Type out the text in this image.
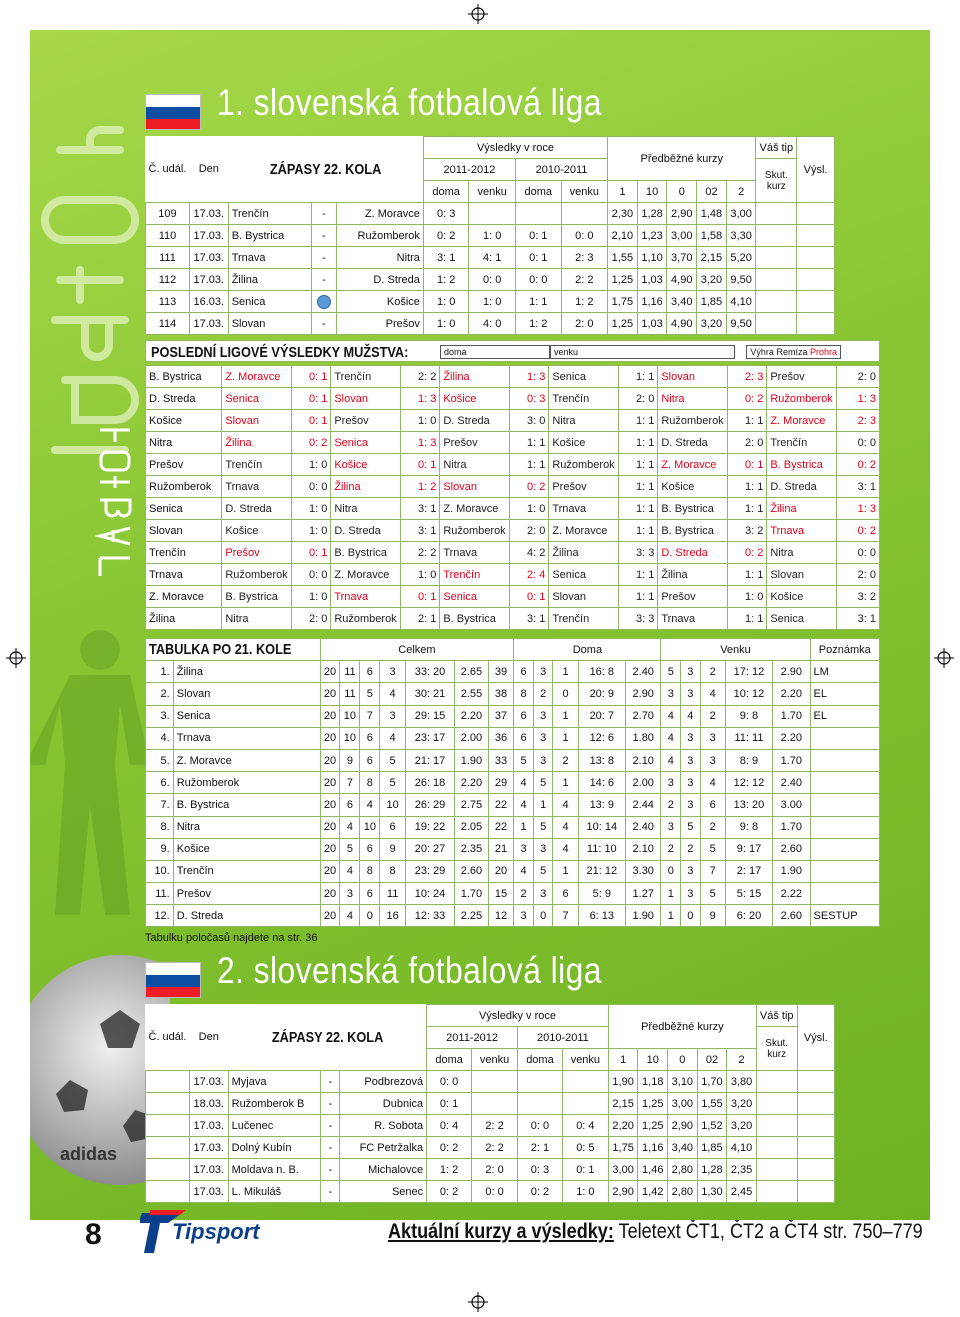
adidas
1. slovenská fotbalová liga
Č. udál.	Den	ZÁPASY 22. KOLA			Výsledky v roce				Předběžné kurzy					Váš tip	Výsl.
					2011-2012		2010-2011							Skut. kurz	
					doma	venku	doma	venku	1	10	0	02	2		
109	17.03.	Trenčín	-	Z. Moravce	0: 3				2,30	1,28	2,90	1,48	3,00		
110	17.03.	B. Bystrica	-	Ružomberok	0: 2	1: 0	0: 1	0: 0	2,10	1,23	3,00	1,58	3,30		
111	17.03.	Trnava	-	Nitra	3: 1	4: 1	0: 1	2: 3	1,55	1,10	3,70	2,15	5,20		
112	17.03.	Žilina	-	D. Streda	1: 2	0: 0	0: 0	2: 2	1,25	1,03	4,90	3,20	9,50		
113	16.03.	Senica		Košice	1: 0	1: 0	1: 1	1: 2	1,75	1,16	3,40	1,85	4,10		
114	17.03.	Slovan	-	Prešov	1: 0	4: 0	1: 2	2: 0	1,25	1,03	4,90	3,20	9,50		
POSLEDNÍ LIGOVÉ VÝSLEDKY MUŽSTVA:	doma	venku	Výhra Remíza Prohra
B. Bystrica	Z. Moravce	0: 1	Trenčín	2: 2	Žilina	1: 3	Senica	1: 1	Slovan	2: 3	Prešov	2: 0
D. Streda	Senica	0: 1	Slovan	1: 3	Košice	0: 3	Trenčín	2: 0	Nitra	0: 2	Ružomberok	1: 3
Košice	Slovan	0: 1	Prešov	1: 0	D. Streda	3: 0	Nitra	1: 1	Ružomberok	1: 1	Z. Moravce	2: 3
Nitra	Žilina	0: 2	Senica	1: 3	Prešov	1: 1	Košice	1: 1	D. Streda	2: 0	Trenčín	0: 0
Prešov	Trenčín	1: 0	Košice	0: 1	Nitra	1: 1	Ružomberok	1: 1	Z. Moravce	0: 1	B. Bystrica	0: 2
Ružomberok	Trnava	0: 0	Žilina	1: 2	Slovan	0: 2	Prešov	1: 1	Košice	1: 1	D. Streda	3: 1
Senica	D. Streda	1: 0	Nitra	3: 1	Z. Moravce	1: 0	Trnava	1: 1	B. Bystrica	1: 1	Žilina	1: 3
Slovan	Košice	1: 0	D. Streda	3: 1	Ružomberok	2: 0	Z. Moravce	1: 1	B. Bystrica	3: 2	Trnava	0: 2
Trenčín	Prešov	0: 1	B. Bystrica	2: 2	Trnava	4: 2	Žilina	3: 3	D. Streda	0: 2	Nitra	0: 0
Trnava	Ružomberok	0: 0	Z. Moravce	1: 0	Trenčín	2: 4	Senica	1: 1	Žilina	1: 1	Slovan	2: 0
Z. Moravce	B. Bystrica	1: 0	Trnava	0: 1	Senica	0: 1	Slovan	1: 1	Prešov	1: 0	Košice	3: 2
Žilina	Nitra	2: 0	Ružomberok	2: 1	B. Bystrica	3: 1	Trenčín	3: 3	Trnava	1: 1	Senica	3: 1
TABULKA PO 21. KOLE		Celkem							Doma					Venku					Poznámka
1.	Žilina	20	11	6	3	33: 20	2.65	39	6	3	1	16: 8	2.40	5	3	2	17: 12	2.90	LM
2.	Slovan	20	11	5	4	30: 21	2.55	38	8	2	0	20: 9	2.90	3	3	4	10: 12	2.20	EL
3.	Senica	20	10	7	3	29: 15	2.20	37	6	3	1	20: 7	2.70	4	4	2	9: 8	1.70	EL
4.	Trnava	20	10	6	4	23: 17	2.00	36	6	3	1	12: 6	1.80	4	3	3	11: 11	2.20	
5.	Z. Moravce	20	9	6	5	21: 17	1.90	33	5	3	2	13: 8	2.10	4	3	3	8: 9	1.70	
6.	Ružomberok	20	7	8	5	26: 18	2.20	29	4	5	1	14: 6	2.00	3	3	4	12: 12	2.40	
7.	B. Bystrica	20	6	4	10	26: 29	2.75	22	4	1	4	13: 9	2.44	2	3	6	13: 20	3.00	
8.	Nitra	20	4	10	6	19: 22	2.05	22	1	5	4	10: 14	2.40	3	5	2	9: 8	1.70	
9.	Košice	20	5	6	9	20: 27	2.35	21	3	3	4	11: 10	2.10	2	2	5	9: 17	2.60	
10.	Trenčín	20	4	8	8	23: 29	2.60	20	4	5	1	21: 12	3.30	0	3	7	2: 17	1.90	
11.	Prešov	20	3	6	11	10: 24	1.70	15	2	3	6	5: 9	1.27	1	3	5	5: 15	2.22	
12.	D. Streda	20	4	0	16	12: 33	2.25	12	3	0	7	6: 13	1.90	1	0	9	6: 20	2.60	SESTUP
Tabulku poločasů najdete na str. 36
2. slovenská fotbalová liga
Č. udál.	Den	ZÁPASY 22. KOLA			Výsledky v roce				Předběžné kurzy					Váš tip	Výsl.
					2011-2012		2010-2011							Skut. kurz	
					doma	venku	doma	venku	1	10	0	02	2		
	17.03.	Myjava	-	Podbrezová	0: 0				1,90	1,18	3,10	1,70	3,80		
	18.03.	Ružomberok B	-	Dubnica	0: 1				2,15	1,25	3,00	1,55	3,20		
	17.03.	Lučenec	-	R. Sobota	0: 4	2: 2	0: 0	0: 4	2,20	1,25	2,90	1,52	3,20		
	17.03.	Dolný Kubín	-	FC Petržalka	0: 2	2: 2	2: 1	0: 5	1,75	1,16	3,40	1,85	4,10		
	17.03.	Moldava n. B.	-	Michalovce	1: 2	2: 0	0: 3	0: 1	3,00	1,46	2,80	1,28	2,35		
	17.03.	L. Mikuláš	-	Senec	0: 2	0: 0	0: 2	1: 0	2,90	1,42	2,80	1,30	2,45		
8	Tipsport	Aktuální kurzy a výsledky: Teletext ČT1, ČT2 a ČT4 str. 750–779
